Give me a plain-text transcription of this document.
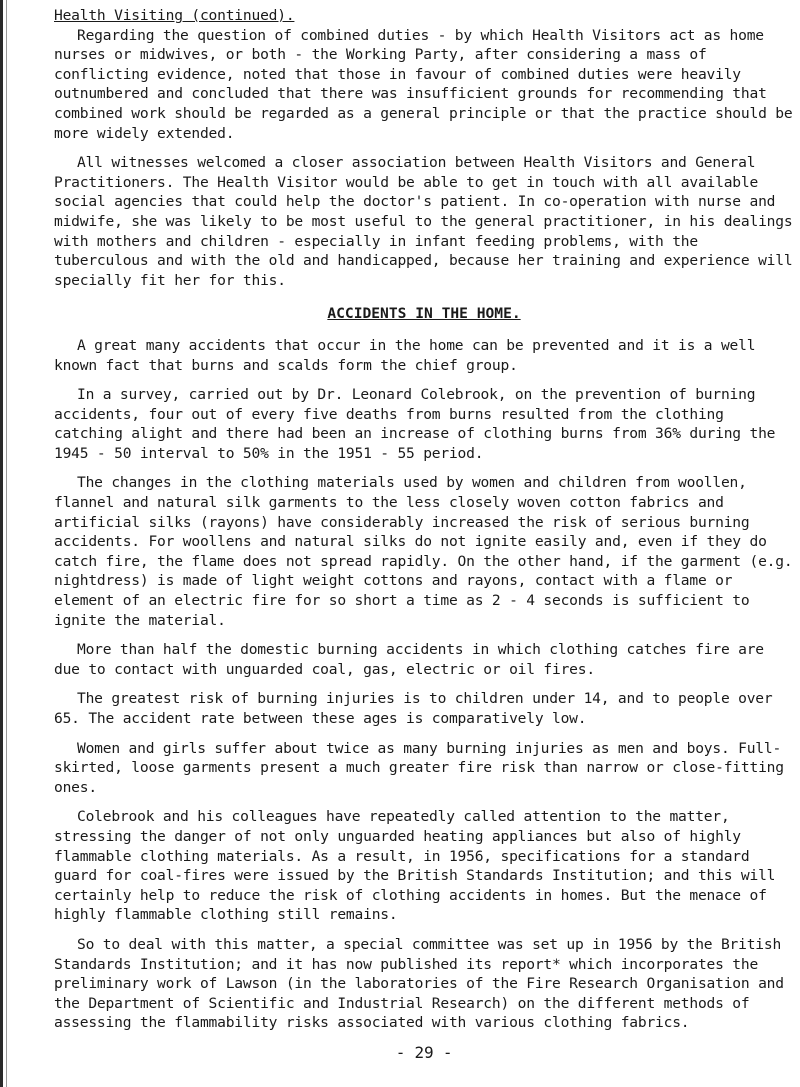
Health Visiting (continued).

Regarding the question of combined duties - by which Health Visitors act as home nurses or midwives, or both - the Working Party, after considering a mass of conflicting evidence, noted that those in favour of combined duties were heavily outnumbered and concluded that there was insufficient grounds for recommending that combined work should be regarded as a general principle or that the practice should be more widely extended.

All witnesses welcomed a closer association between Health Visitors and General Practitioners. The Health Visitor would be able to get in touch with all available social agencies that could help the doctor's patient. In co-operation with nurse and midwife, she was likely to be most useful to the general practitioner, in his dealings with mothers and children - especially in infant feeding problems, with the tuberculous and with the old and handicapped, because her training and experience will specially fit her for this.

ACCIDENTS IN THE HOME.

A great many accidents that occur in the home can be prevented and it is a well known fact that burns and scalds form the chief group.

In a survey, carried out by Dr. Leonard Colebrook, on the prevention of burning accidents, four out of every five deaths from burns resulted from the clothing catching alight and there had been an increase of clothing burns from 36% during the 1945 - 50 interval to 50% in the 1951 - 55 period.

The changes in the clothing materials used by women and children from woollen, flannel and natural silk garments to the less closely woven cotton fabrics and artificial silks (rayons) have considerably increased the risk of serious burning accidents. For woollens and natural silks do not ignite easily and, even if they do catch fire, the flame does not spread rapidly. On the other hand, if the garment (e.g. nightdress) is made of light weight cottons and rayons, contact with a flame or element of an electric fire for so short a time as 2 - 4 seconds is sufficient to ignite the material.

More than half the domestic burning accidents in which clothing catches fire are due to contact with unguarded coal, gas, electric or oil fires.

The greatest risk of burning injuries is to children under 14, and to people over 65. The accident rate between these ages is comparatively low.

Women and girls suffer about twice as many burning injuries as men and boys. Full-skirted, loose garments present a much greater fire risk than narrow or close-fitting ones.

Colebrook and his colleagues have repeatedly called attention to the matter, stressing the danger of not only unguarded heating appliances but also of highly flammable clothing materials. As a result, in 1956, specifications for a standard guard for coal-fires were issued by the British Standards Institution; and this will certainly help to reduce the risk of clothing accidents in homes. But the menace of highly flammable clothing still remains.

So to deal with this matter, a special committee was set up in 1956 by the British Standards Institution; and it has now published its report* which incorporates the preliminary work of Lawson (in the laboratories of the Fire Research Organisation and the Department of Scientific and Industrial Research) on the different methods of assessing the flammability risks associated with various clothing fabrics.

- 29 -
